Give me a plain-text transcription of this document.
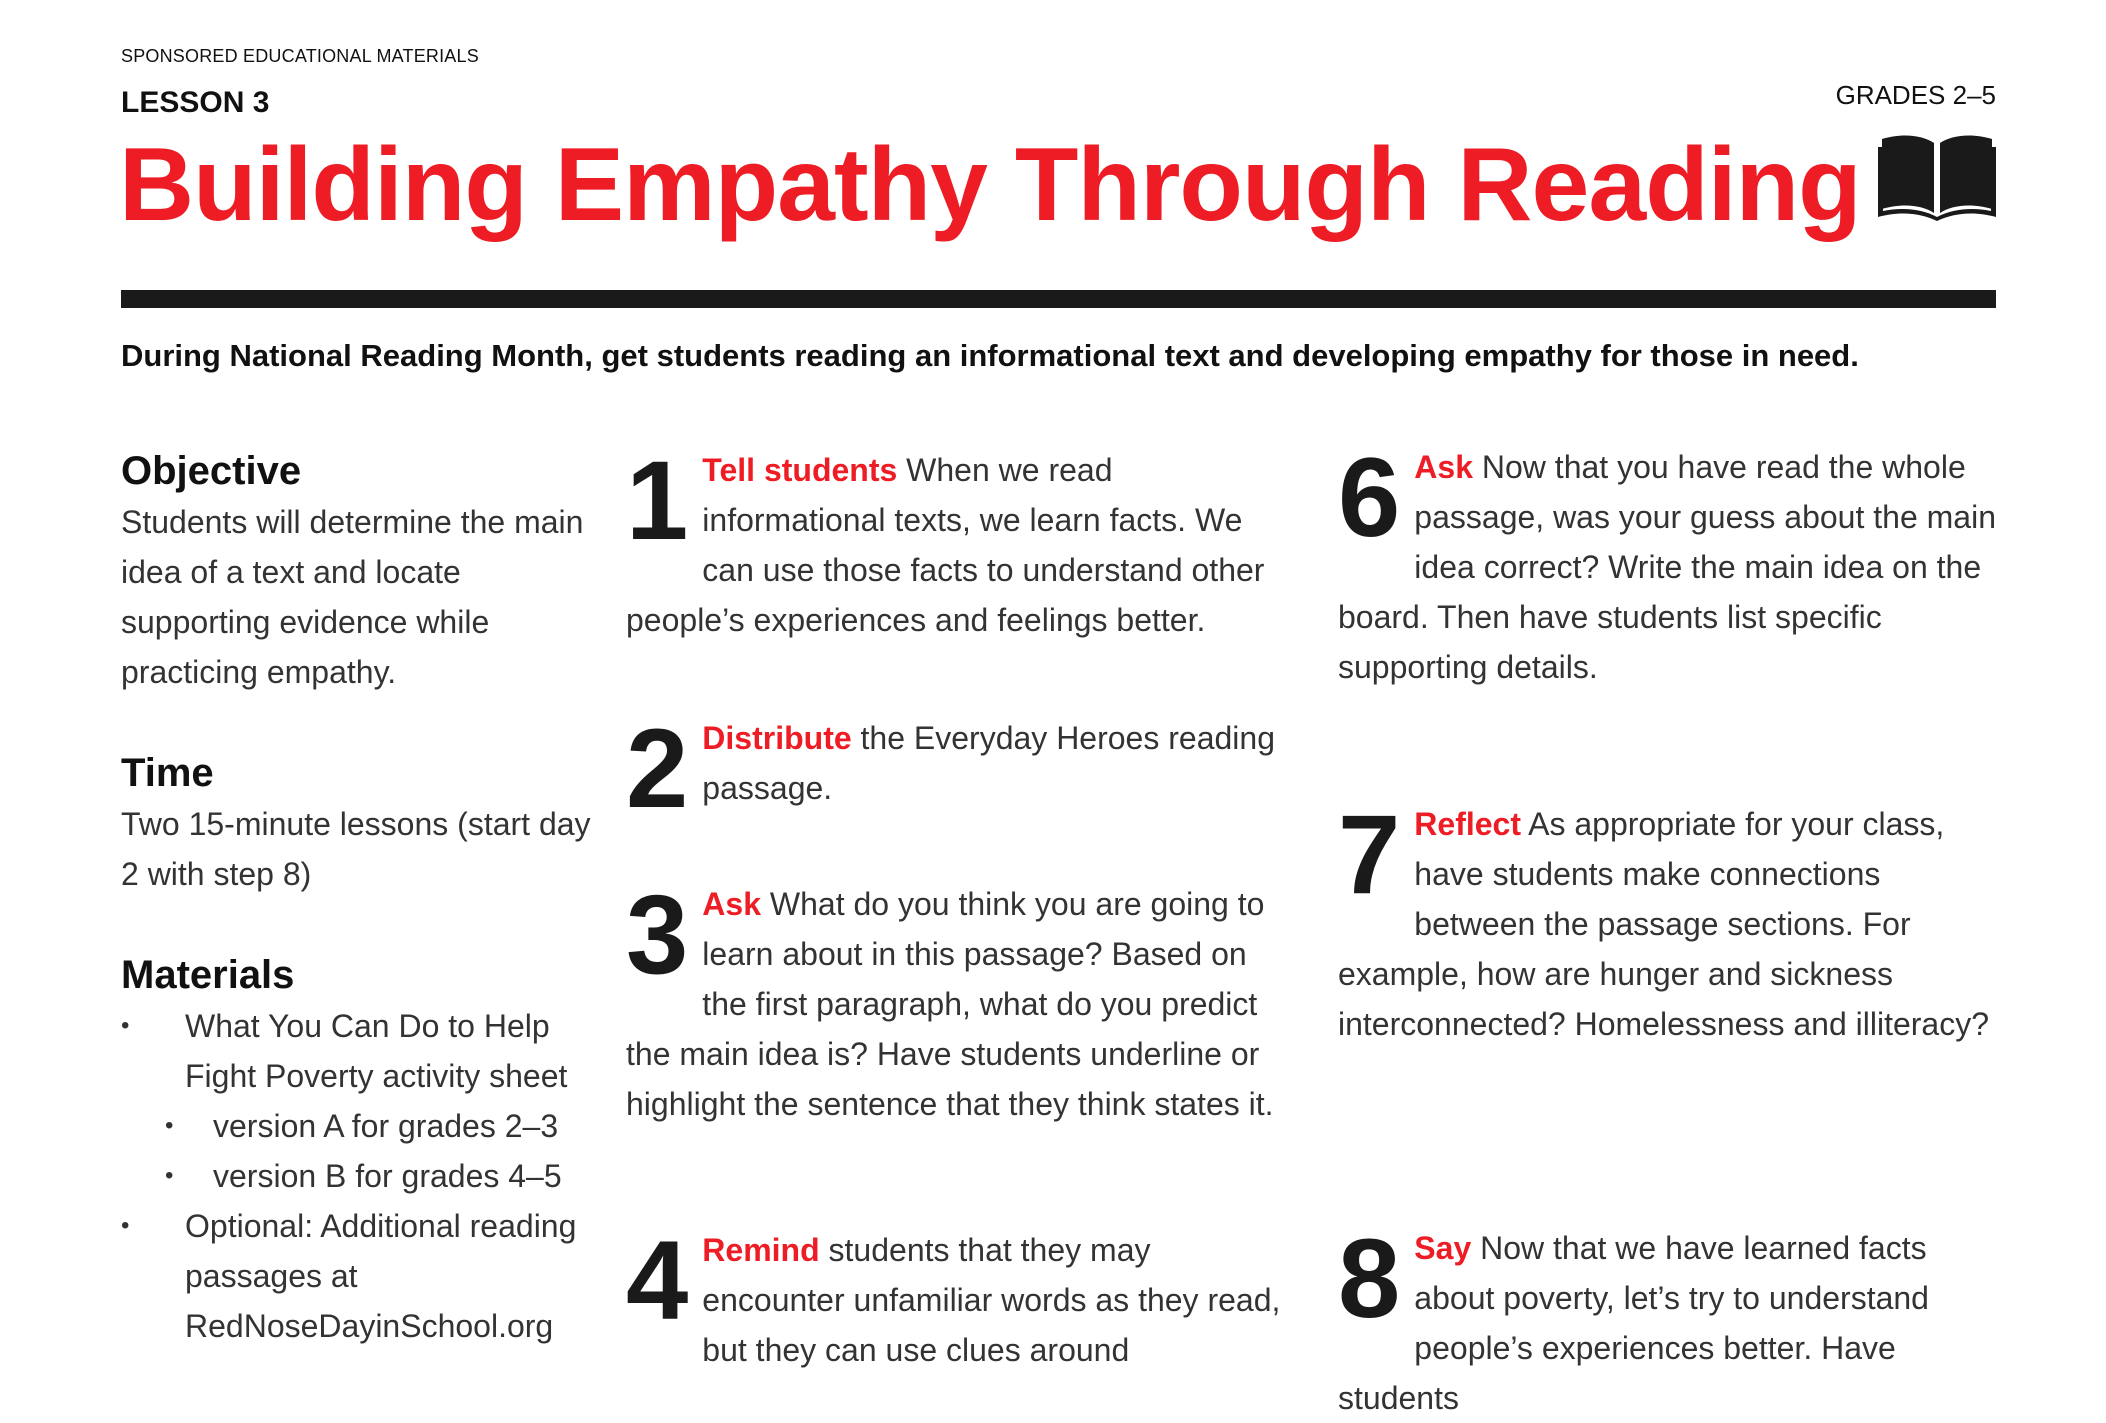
SPONSORED EDUCATIONAL MATERIALS
LESSON 3	GRADES 2–5
Building Empathy Through Reading
During National Reading Month, get students reading an informational text and developing empathy for those in need.
Objective

Students will determine the main idea of a text and locate supporting evidence while practicing empathy.

Time

Two 15-minute lessons (start day 2 with step 8)

Materials
• What You Can Do to Help Fight Poverty activity sheet
• version A for grades 2–3
• version B for grades 4–5
• Optional: Additional reading passages at RedNoseDayinSchool.org
1 Tell students When we read informational texts, we learn facts. We can use those facts to understand other people’s experiences and feelings better.
2 Distribute the Everyday Heroes reading passage.
3 Ask What do you think you are going to learn about in this passage? Based on the first paragraph, what do you predict the main idea is? Have students underline or highlight the sentence that they think states it.
4 Remind students that they may encounter unfamiliar words as they read, but they can use clues around
6 Ask Now that you have read the whole passage, was your guess about the main idea correct? Write the main idea on the board. Then have students list specific supporting details.
7 Reflect As appropriate for your class, have students make connections between the passage sections. For example, how are hunger and sickness interconnected? Homelessness and illiteracy?
8 Say Now that we have learned facts about poverty, let’s try to understand people’s experiences better. Have students
